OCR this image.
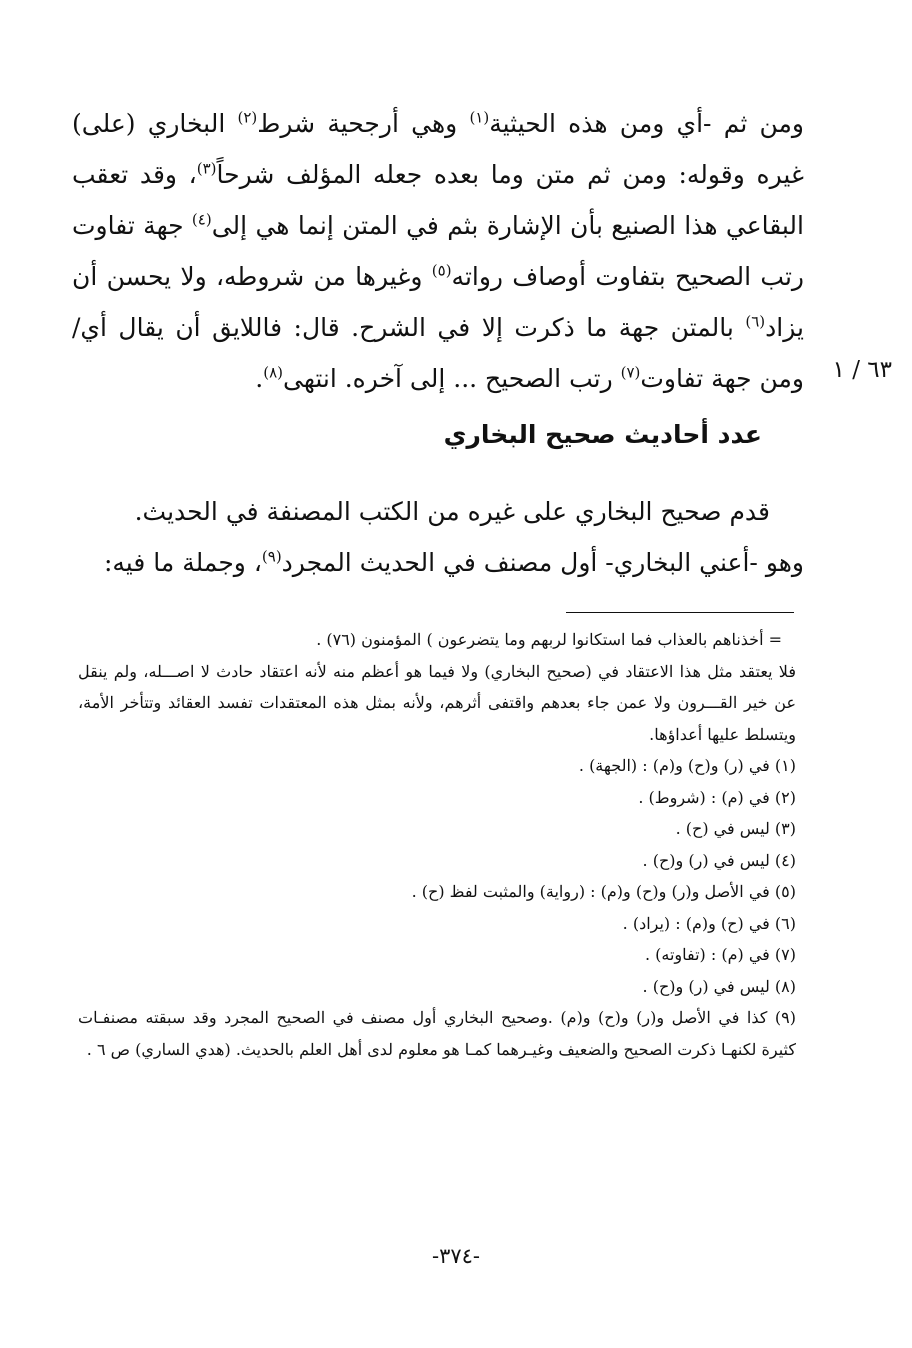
ومن ثم -أي ومن هذه الحيثية$^{(١)}$ وهي أرجحية شرط$^{(٢)}$ البخاري (على) غيره وقوله: ومن ثم متن وما بعده جعله المؤلف شرحاً$^{(٣)}$، وقد تعقب البقاعي هذا الصنيع بأن الإشارة بثم في المتن إنما هي إلى$^{(٤)}$ جهة تفاوت رتب الصحيح بتفاوت أوصاف رواته$^{(٥)}$ وغيرها من شروطه، ولا يحسن أن يزاد$^{(٦)}$ بالمتن جهة ما ذكرت إلا في الشرح. قال: فاللايق أن يقال أي/ ومن جهة تفاوت$^{(٧)}$ رتب الصحيح ... إلى آخره. انتهى$^{(٨)}$.	٦٣ / ١
عدد أحاديث صحيح البخاري

قدم صحيح البخاري على غيره من الكتب المصنفة في الحديث.

وهو -أعني البخاري- أول مصنف في الحديث المجرد$^{(٩)}$، وجملة ما فيه:

= أخذناهم بالعذاب فما استكانوا لربهم وما يتضرعون ) المؤمنون (٧٦) .

فلا يعتقد مثل هذا الاعتقاد في (صحيح البخاري) ولا فيما هو أعظم منه لأنه اعتقاد حادث لا اصـــله، ولم ينقل عن خير القـــرون ولا عمن جاء بعدهم واقتفى أثرهم، ولأنه بمثل هذه المعتقدات تفسد العقائد وتتأخر الأمة، ويتسلط عليها أعداؤها.

(١) في (ر) و(ح) و(م) : (الجهة) .

(٢) في (م) : (شروط) .

(٣) ليس في (ح) .

(٤) ليس في (ر) و(ح) .

(٥) في الأصل و(ر) و(ح) و(م) : (رواية) والمثبت لفظ (ح) .

(٦) في (ح) و(م) : (يراد) .

(٧) في (م) : (تفاوته) .

(٨) ليس في (ر) و(ح) .

(٩) كذا في الأصل و(ر) و(ح) و(م) .وصحيح البخاري أول مصنف في الصحيح المجرد وقد سبقته مصنفـات كثيرة لكنهـا ذكرت الصحيح والضعيف وغيـرهما كمـا هو معلوم لدى أهل العلم بالحديث. (هدي الساري) ص ٦ .

-٣٧٤-
